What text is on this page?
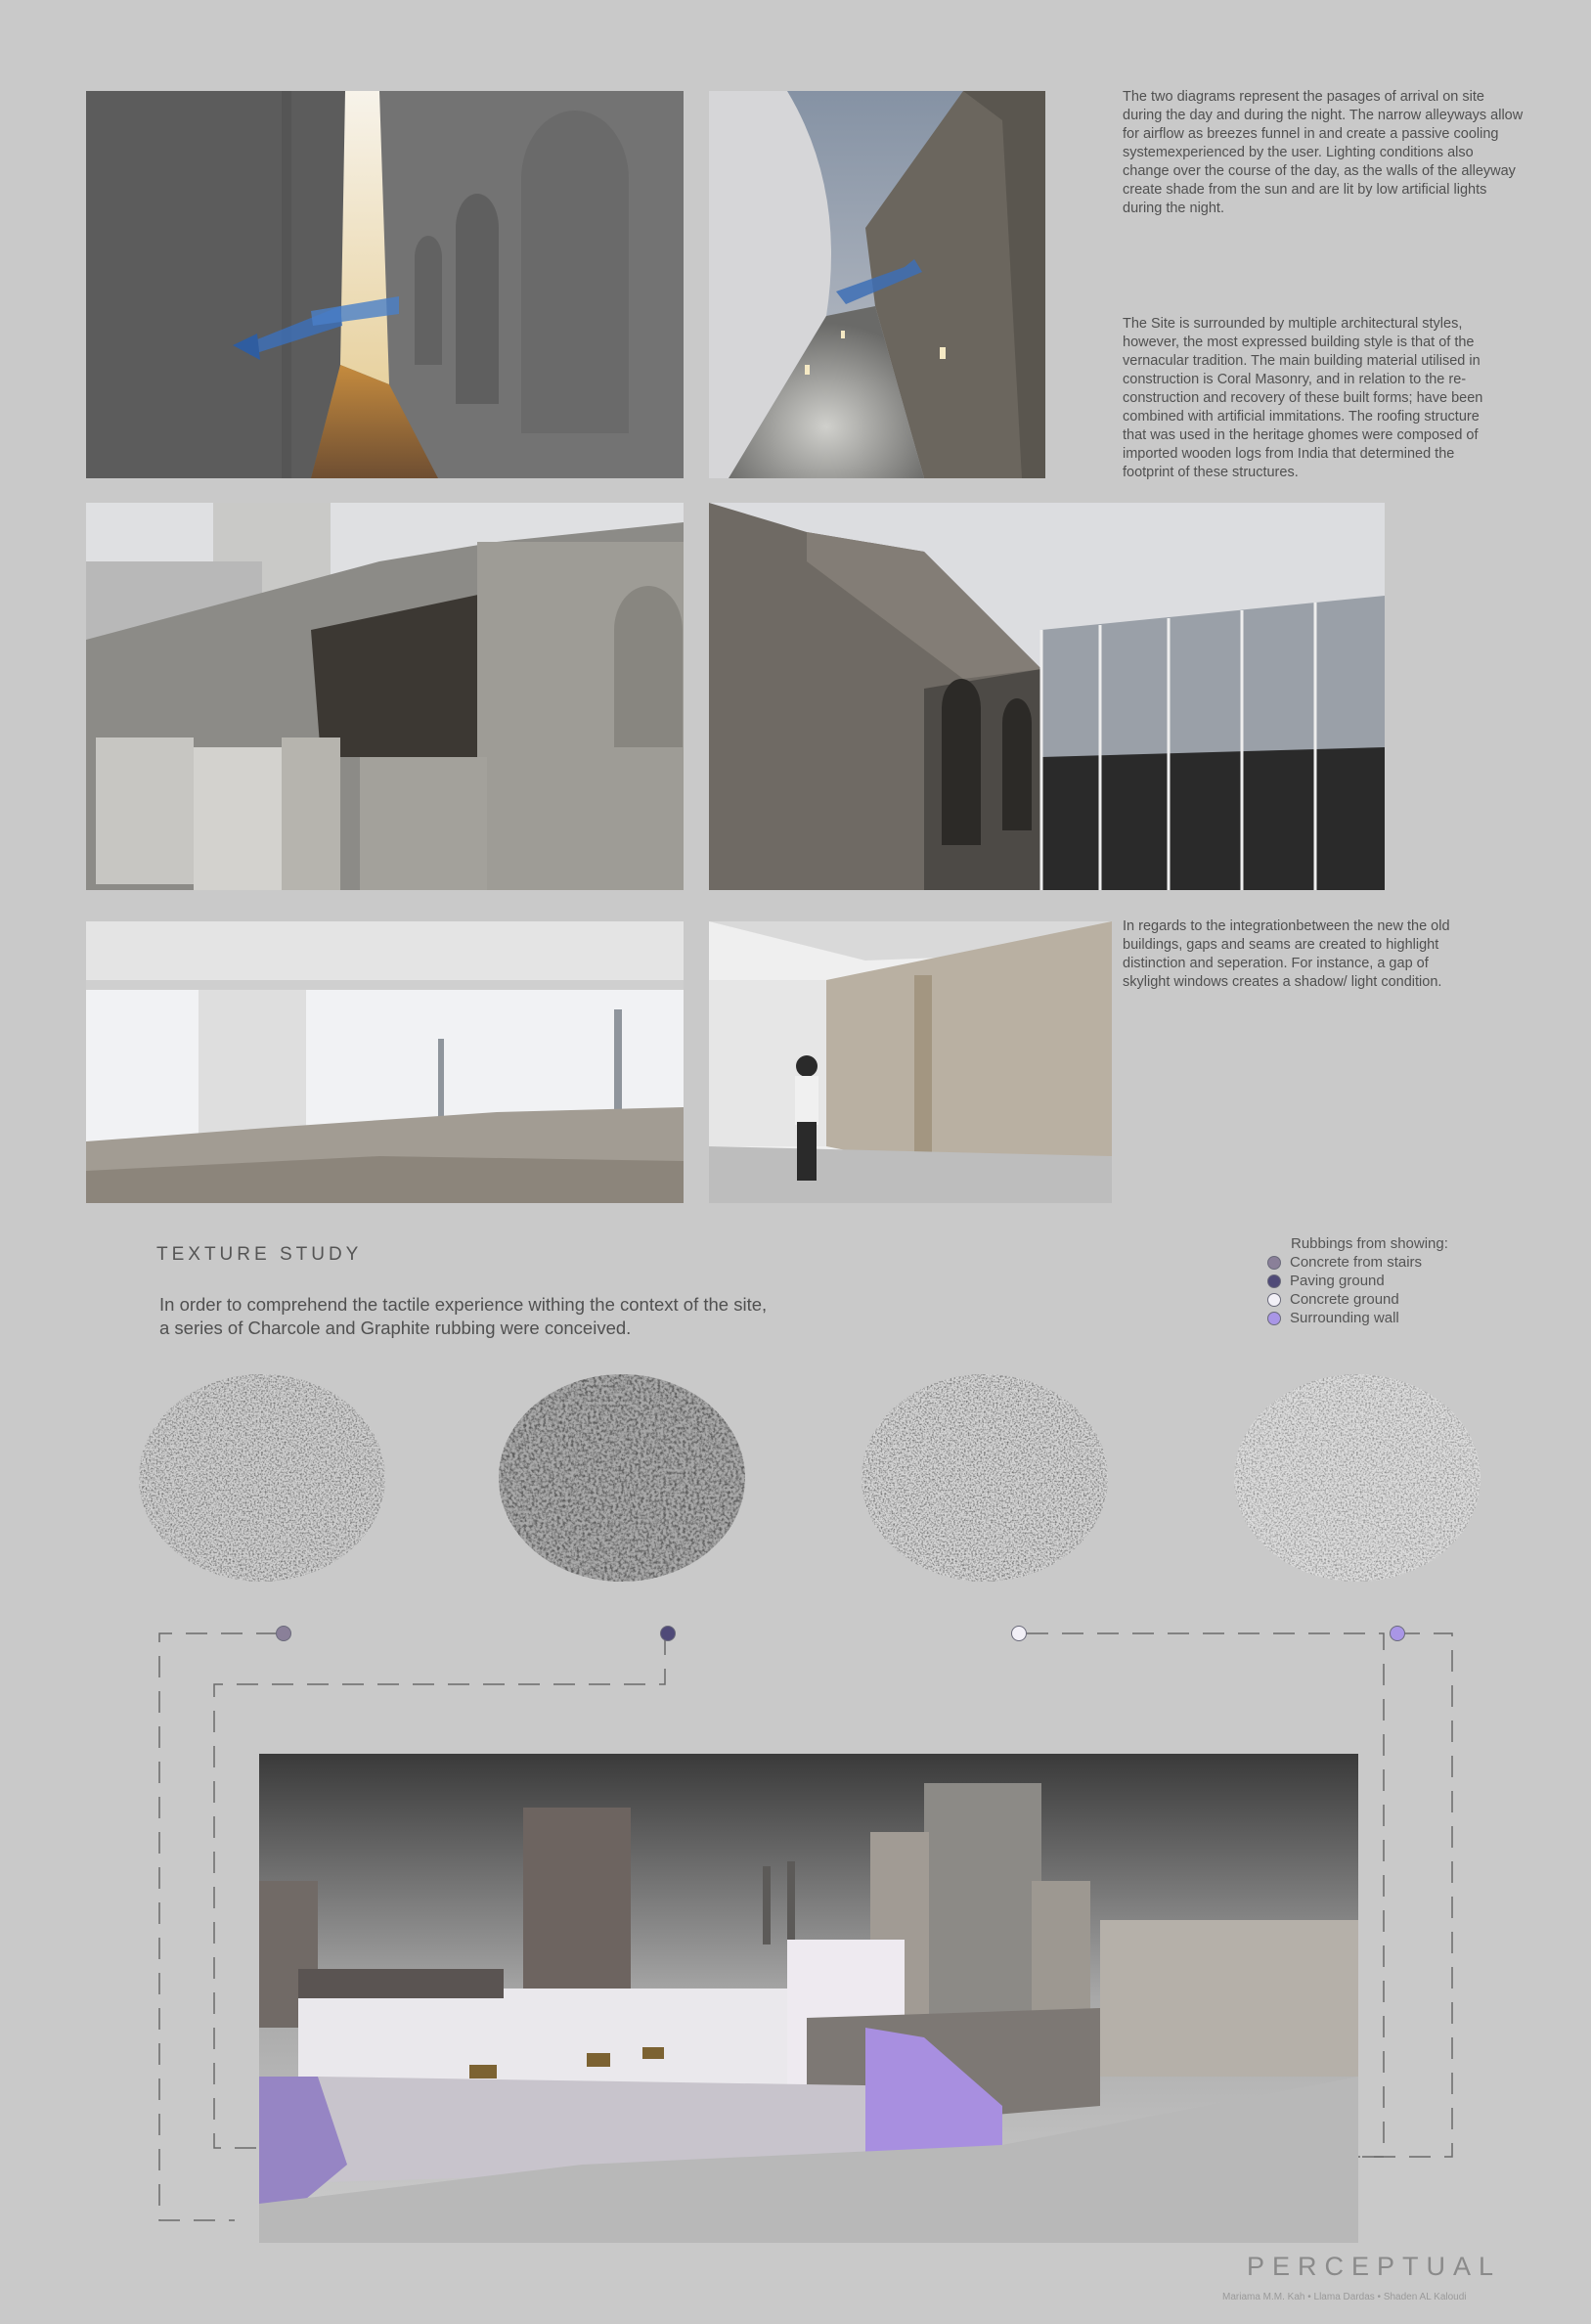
The two diagrams represent the pasages of arrival on site during the day and during the night. The narrow alleyways allow for airflow as breezes funnel in and create a passive cooling systemexperienced by the user. Lighting conditions also change over the course of the day, as the walls of the alleyway create shade from the sun and are lit by low artificial lights during the night.
The Site is surrounded by multiple architectural styles, however, the most expressed building style is that of the vernacular tradition. The main building material utilised in construction is Coral Masonry, and in relation to the re-construction and recovery of these built forms; have been combined with artificial immitations. The roofing structure that was used in the heritage ghomes were composed of imported wooden logs from India that determined the footprint of these structures.
In regards to the integrationbetween the new the old buildings, gaps and seams are created to highlight distinction and seperation. For instance, a gap of skylight windows creates a shadow/ light condition.
TEXTURE STUDY
In order to comprehend the tactile experience withing the context of the site,
a series of Charcole and Graphite rubbing were conceived.
Rubbings from showing:
Concrete from stairs
Paving ground
Concrete ground
Surrounding wall
PERCEPTUAL
Mariama M.M. Kah • Llama Dardas • Shaden AL Kaloudi
